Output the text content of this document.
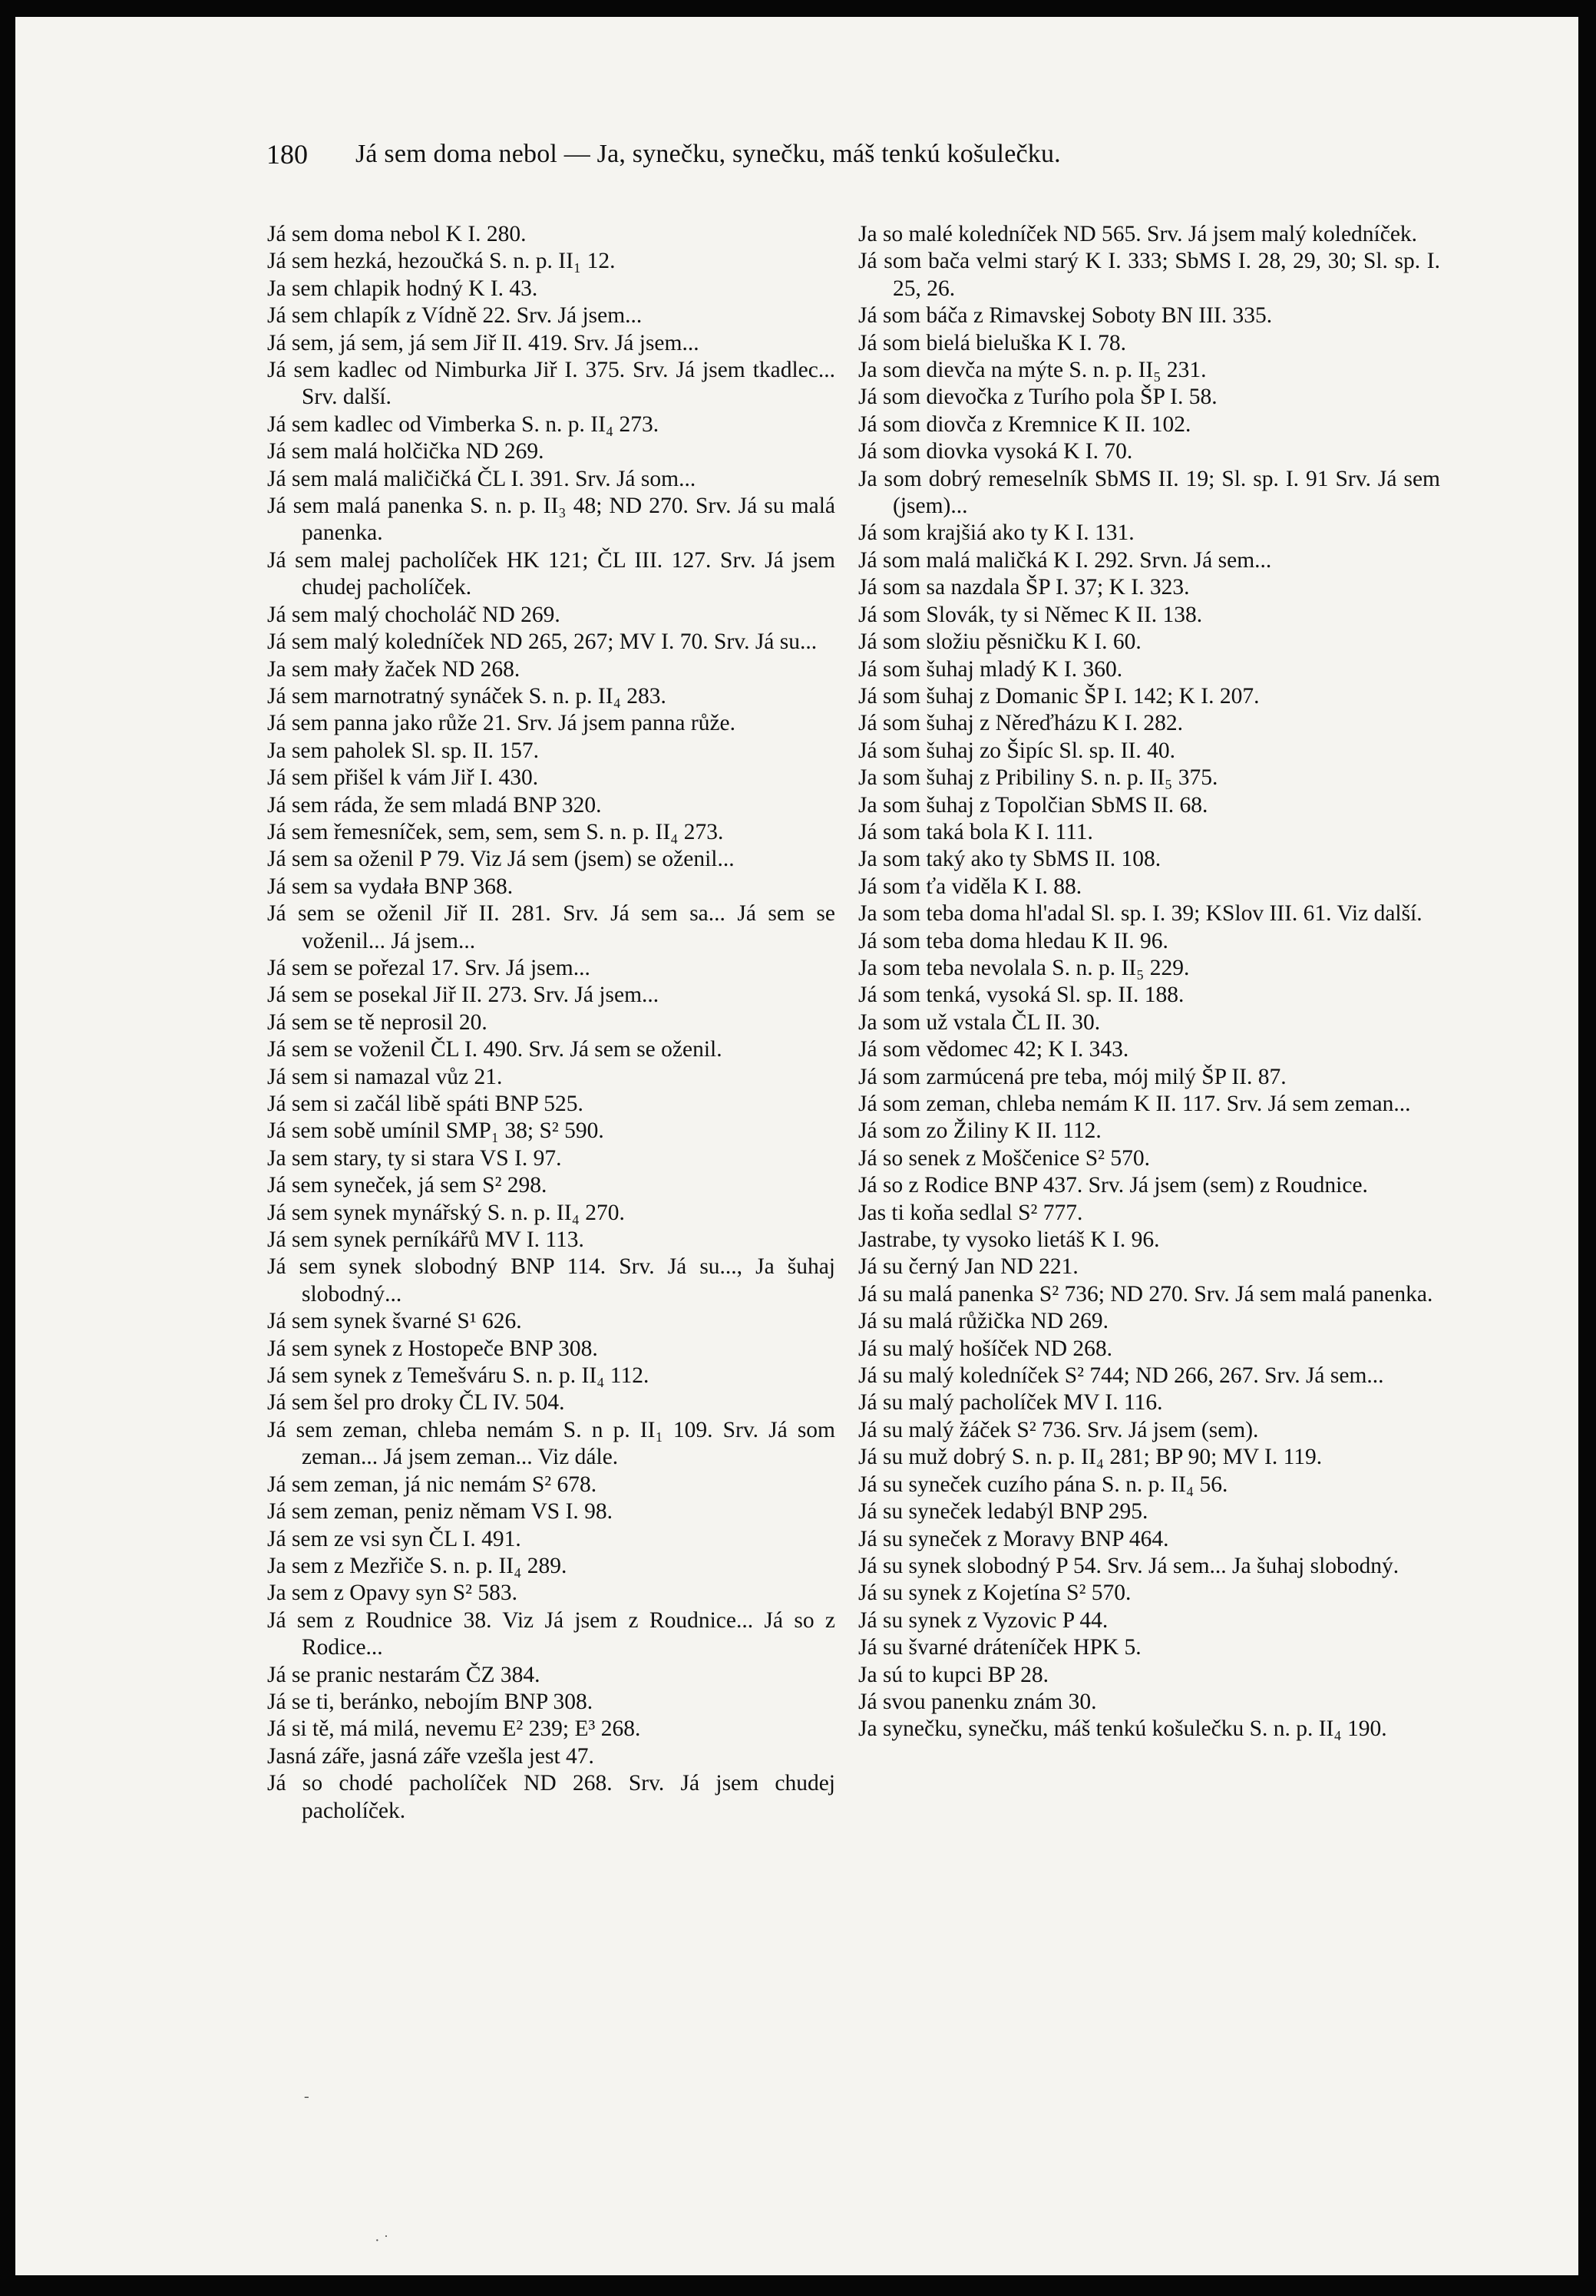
180 Já sem doma nebol — Ja, synečku, synečku, máš tenkú košulečku.

Já sem doma nebol K I. 280.

Já sem hezká, hezoučká S. n. p. II₁ 12.

Ja sem chlapik hodný K I. 43.

Já sem chlapík z Vídně 22. Srv. Já jsem...

Já sem, já sem, já sem Jiř II. 419. Srv. Já jsem...

Já sem kadlec od Nimburka Jiř I. 375. Srv. Já jsem tkadlec... Srv. další.

Já sem kadlec od Vimberka S. n. p. II₄ 273.

Já sem malá holčička ND 269.

Já sem malá maličičká ČL I. 391. Srv. Já som...

Já sem malá panenka S. n. p. II₃ 48; ND 270. Srv. Já su malá panenka.

Já sem malej pacholíček HK 121; ČL III. 127. Srv. Já jsem chudej pacholíček.

Já sem malý chocholáč ND 269.

Já sem malý koledníček ND 265, 267; MV I. 70. Srv. Já su...

Ja sem mały žaček ND 268.

Já sem marnotratný synáček S. n. p. II₄ 283.

Já sem panna jako růže 21. Srv. Já jsem panna růže.

Ja sem paholek Sl. sp. II. 157.

Já sem přišel k vám Jiř I. 430.

Já sem ráda, že sem mladá BNP 320.

Já sem řemesníček, sem, sem, sem S. n. p. II₄ 273.

Já sem sa oženil P 79. Viz Já sem (jsem) se oženil...

Já sem sa vydała BNP 368.

Já sem se oženil Jiř II. 281. Srv. Já sem sa... Já sem se voženil... Já jsem...

Já sem se pořezal 17. Srv. Já jsem...

Já sem se posekal Jiř II. 273. Srv. Já jsem...

Já sem se tě neprosil 20.

Já sem se voženil ČL I. 490. Srv. Já sem se oženil.

Já sem si namazal vůz 21.

Já sem si začál libě spáti BNP 525.

Já sem sobě umínil SMP₁ 38; S² 590.

Ja sem stary, ty si stara VS I. 97.

Já sem syneček, já sem S² 298.

Já sem synek mynářský S. n. p. II₄ 270.

Já sem synek perníkářů MV I. 113.

Já sem synek slobodný BNP 114. Srv. Já su..., Ja šuhaj slobodný...

Já sem synek švarné S¹ 626.

Já sem synek z Hostopeče BNP 308.

Já sem synek z Temešváru S. n. p. II₄ 112.

Já sem šel pro droky ČL IV. 504.

Já sem zeman, chleba nemám S. n p. II₁ 109. Srv. Já som zeman... Já jsem zeman... Viz dále.

Já sem zeman, já nic nemám S² 678.

Já sem zeman, peniz němam VS I. 98.

Já sem ze vsi syn ČL I. 491.

Ja sem z Mezřiče S. n. p. II₄ 289.

Ja sem z Opavy syn S² 583.

Já sem z Roudnice 38. Viz Já jsem z Roudnice... Já so z Rodice...

Já se pranic nestarám ČZ 384.

Já se ti, beránko, nebojím BNP 308.

Já si tě, má milá, nevemu E² 239; E³ 268.

Jasná záře, jasná záře vzešla jest 47.

Já so chodé pacholíček ND 268. Srv. Já jsem chudej pacholíček.

Ja so malé koledníček ND 565. Srv. Já jsem malý koledníček.

Já som bača velmi starý K I. 333; SbMS I. 28, 29, 30; Sl. sp. I. 25, 26.

Já som báča z Rimavskej Soboty BN III. 335.

Já som bielá bieluška K I. 78.

Ja som dievča na mýte S. n. p. II₅ 231.

Já som dievočka z Turího pola ŠP I. 58.

Já som diovča z Kremnice K II. 102.

Já som diovka vysoká K I. 70.

Ja som dobrý remeselník SbMS II. 19; Sl. sp. I. 91 Srv. Já sem (jsem)...

Já som krajšiá ako ty K I. 131.

Já som malá maličká K I. 292. Srvn. Já sem...

Já som sa nazdala ŠP I. 37; K I. 323.

Já som Slovák, ty si Němec K II. 138.

Já som složiu pěsničku K I. 60.

Já som šuhaj mladý K I. 360.

Já som šuhaj z Domanic ŠP I. 142; K I. 207.

Já som šuhaj z Něreďházu K I. 282.

Já som šuhaj zo Šipíc Sl. sp. II. 40.

Ja som šuhaj z Pribiliny S. n. p. II₅ 375.

Ja som šuhaj z Topolčian SbMS II. 68.

Já som taká bola K I. 111.

Ja som taký ako ty SbMS II. 108.

Já som ťa viděla K I. 88.

Ja som teba doma hl'adal Sl. sp. I. 39; KSlov III. 61. Viz další.

Já som teba doma hledau K II. 96.

Ja som teba nevolala S. n. p. II₅ 229.

Já som tenká, vysoká Sl. sp. II. 188.

Ja som už vstala ČL II. 30.

Já som vědomec 42; K I. 343.

Já som zarmúcená pre teba, mój milý ŠP II. 87.

Já som zeman, chleba nemám K II. 117. Srv. Já sem zeman...

Já som zo Žiliny K II. 112.

Já so senek z Moščenice S² 570.

Já so z Rodice BNP 437. Srv. Já jsem (sem) z Roudnice.

Jas ti koňa sedlal S² 777.

Jastrabe, ty vysoko lietáš K I. 96.

Já su černý Jan ND 221.

Já su malá panenka S² 736; ND 270. Srv. Já sem malá panenka.

Já su malá růžička ND 269.

Já su malý hošíček ND 268.

Já su malý koledníček S² 744; ND 266, 267. Srv. Já sem...

Já su malý pacholíček MV I. 116.

Já su malý žáček S² 736. Srv. Já jsem (sem).

Já su muž dobrý S. n. p. II₄ 281; BP 90; MV I. 119.

Já su syneček cuzího pána S. n. p. II₄ 56.

Já su syneček ledabýl BNP 295.

Já su syneček z Moravy BNP 464.

Já su synek slobodný P 54. Srv. Já sem... Ja šuhaj slobodný.

Já su synek z Kojetína S² 570.

Já su synek z Vyzovic P 44.

Já su švarné dráteníček HPK 5.

Ja sú to kupci BP 28.

Já svou panenku znám 30.

Ja synečku, synečku, máš tenkú košulečku S. n. p. II₄ 190.

-
· ˙
